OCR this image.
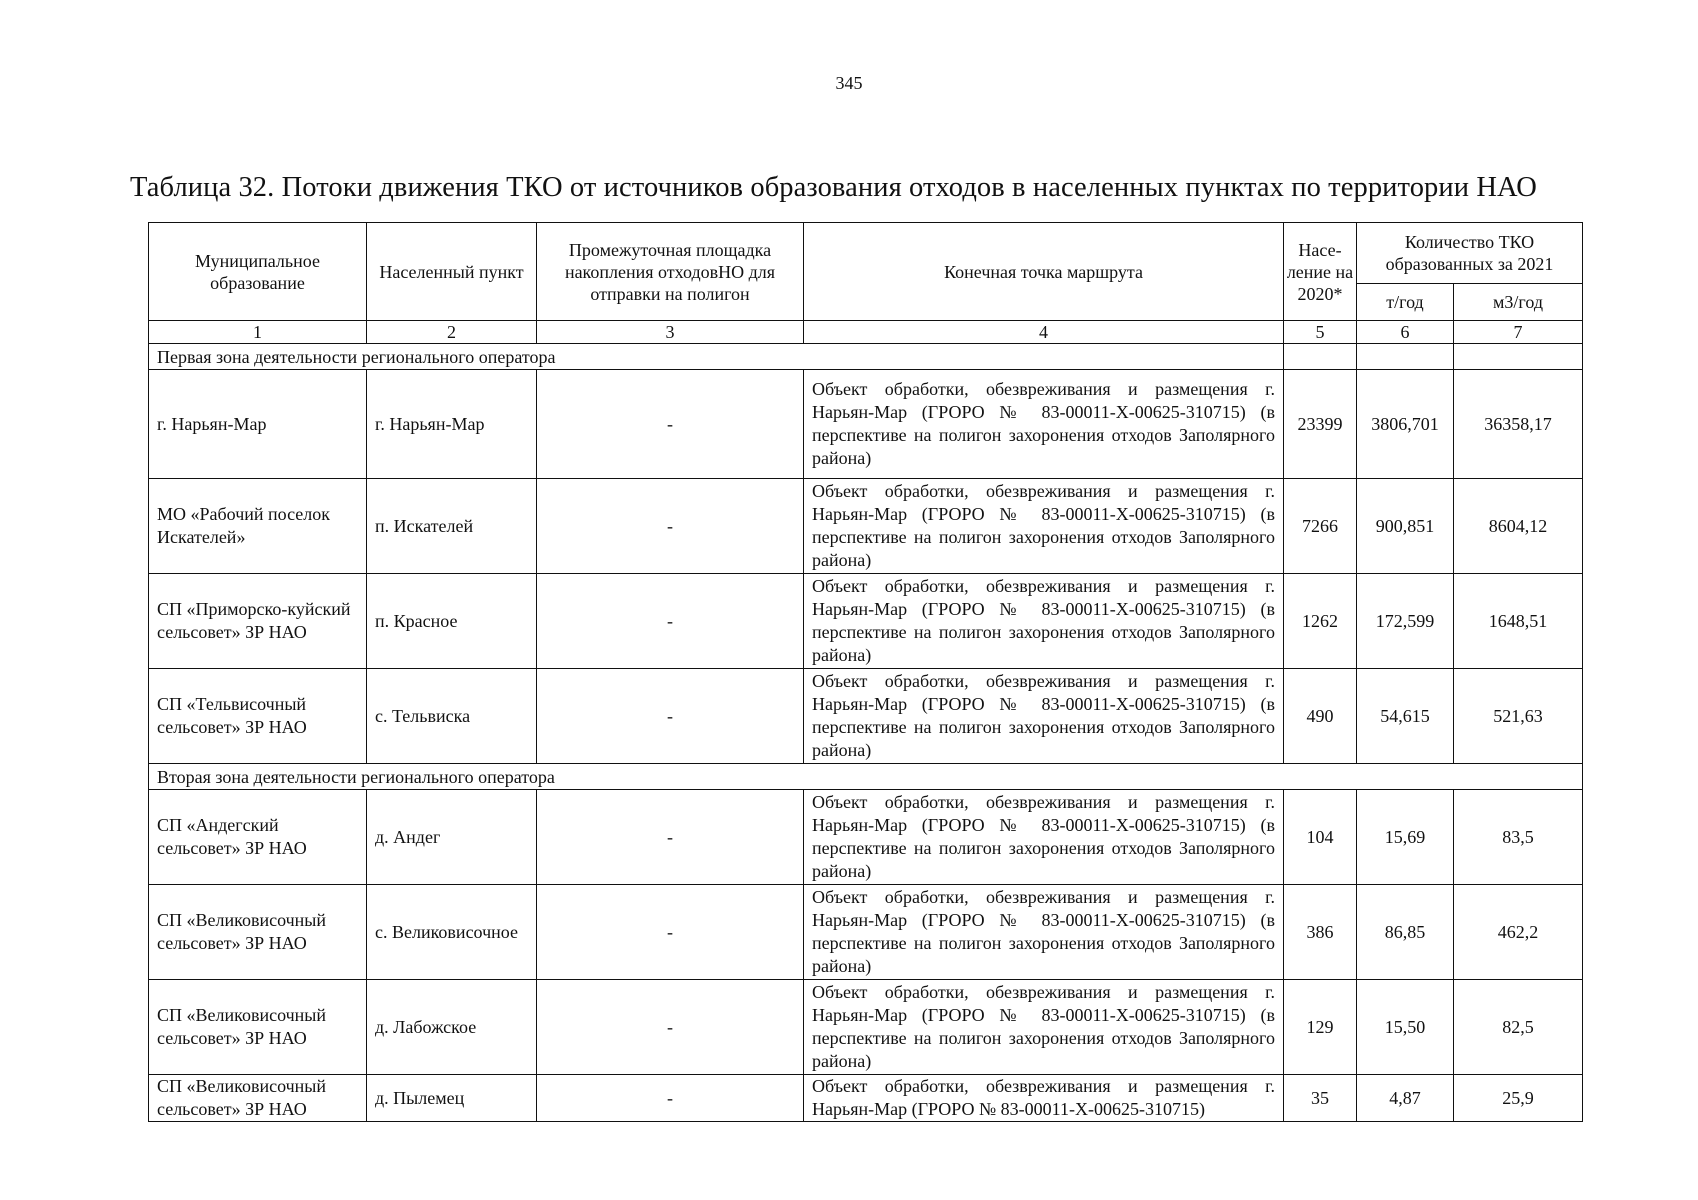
345
Таблица 32. Потоки движения ТКО от источников образования отходов в населенных пунктах по территории НАО
Муниципальное образование	Населенный пункт	Промежуточная площадка накопления отходовНО для отправки на полигон	Конечная точка маршрута	Насе-ление на 2020*	Количество ТКО образованных за 2021	
					т/год	м3/год
1	2	3	4	5	6	7
Первая зона деятельности регионального оператора						
г. Нарьян-Мар	г. Нарьян-Мар	-	Объект обработки, обезвреживания и размещения г. Нарьян-Мар (ГРОРО № 83-00011-Х-00625-310715) (в перспективе на полигон захоронения отходов Заполярного района)	23399	3806,701	36358,17
МО «Рабочий поселок Искателей»	п. Искателей	-	Объект обработки, обезвреживания и размещения г. Нарьян-Мар (ГРОРО № 83-00011-Х-00625-310715) (в перспективе на полигон захоронения отходов Заполярного района)	7266	900,851	8604,12
СП «Приморско-куйский сельсовет» ЗР НАО	п. Красное	-	Объект обработки, обезвреживания и размещения г. Нарьян-Мар (ГРОРО № 83-00011-Х-00625-310715) (в перспективе на полигон захоронения отходов Заполярного района)	1262	172,599	1648,51
СП «Тельвисочный сельсовет» ЗР НАО	с. Тельвиска	-	Объект обработки, обезвреживания и размещения г. Нарьян-Мар (ГРОРО № 83-00011-Х-00625-310715) (в перспективе на полигон захоронения отходов Заполярного района)	490	54,615	521,63
Вторая зона деятельности регионального оператора						
СП «Андегский сельсовет» ЗР НАО	д. Андег	-	Объект обработки, обезвреживания и размещения г. Нарьян-Мар (ГРОРО № 83-00011-Х-00625-310715) (в перспективе на полигон захоронения отходов Заполярного района)	104	15,69	83,5
СП «Великовисочный сельсовет» ЗР НАО	с. Великовисочное	-	Объект обработки, обезвреживания и размещения г. Нарьян-Мар (ГРОРО № 83-00011-Х-00625-310715) (в перспективе на полигон захоронения отходов Заполярного района)	386	86,85	462,2
СП «Великовисочный сельсовет» ЗР НАО	д. Лабожское	-	Объект обработки, обезвреживания и размещения г. Нарьян-Мар (ГРОРО № 83-00011-Х-00625-310715) (в перспективе на полигон захоронения отходов Заполярного района)	129	15,50	82,5
СП «Великовисочный сельсовет» ЗР НАО	д. Пылемец	-	Объект обработки, обезвреживания и размещения г. Нарьян-Мар (ГРОРО № 83-00011-Х-00625-310715)	35	4,87	25,9
